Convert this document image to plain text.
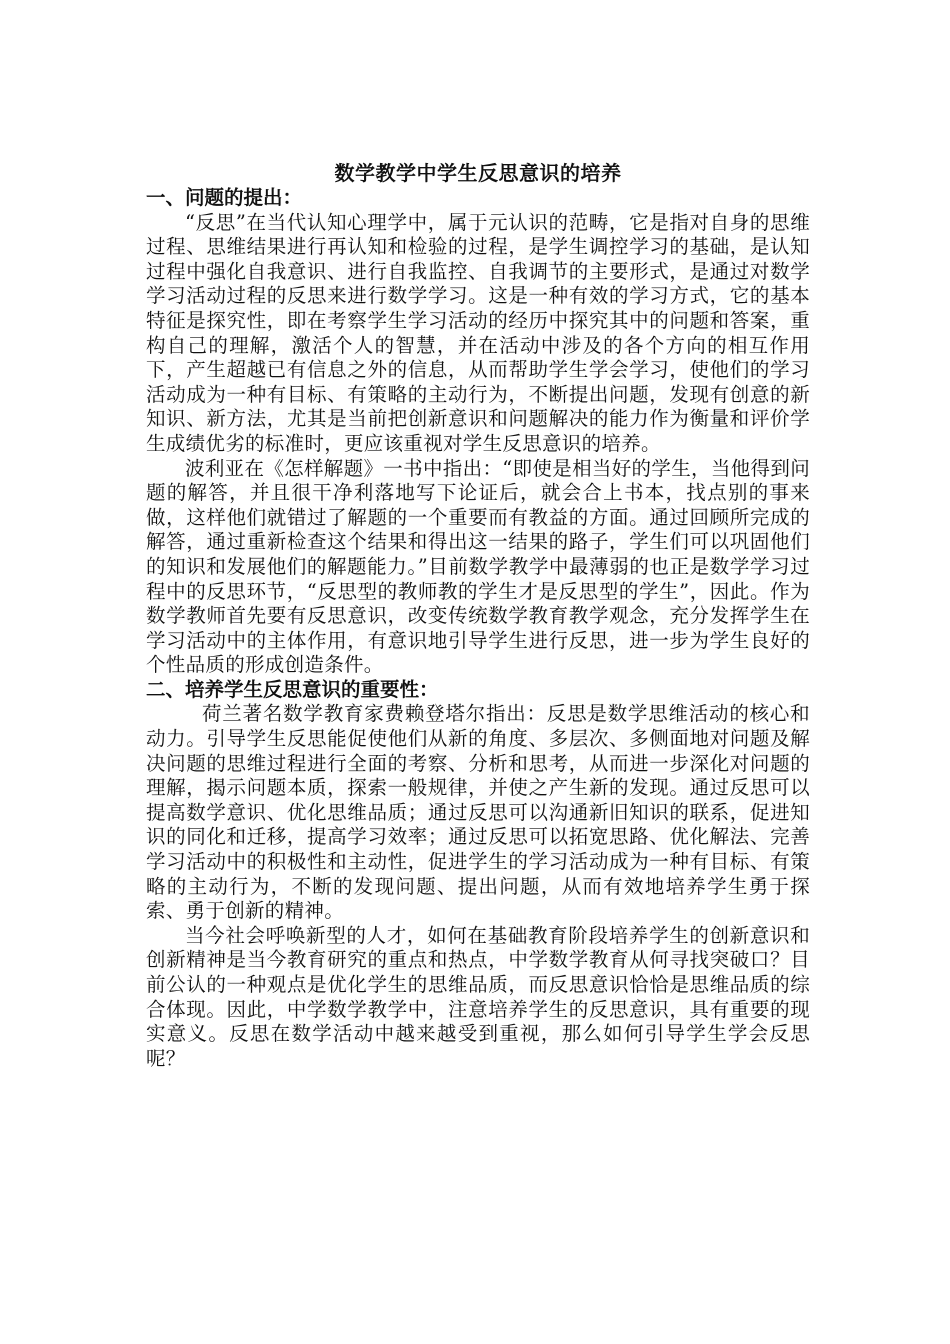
数学教学中学生反思意识的培养
一、问题的提出：

“反思”在当代认知心理学中，属于元认识的范畴，它是指对自身的思维过程、思维结果进行再认知和检验的过程，是学生调控学习的基础，是认知过程中强化自我意识、进行自我监控、自我调节的主要形式，是通过对数学学习活动过程的反思来进行数学学习。这是一种有效的学习方式，它的基本特征是探究性，即在考察学生学习活动的经历中探究其中的问题和答案，重构自己的理解，激活个人的智慧，并在活动中涉及的各个方向的相互作用下，产生超越已有信息之外的信息，从而帮助学生学会学习，使他们的学习活动成为一种有目标、有策略的主动行为，不断提出问题，发现有创意的新知识、新方法，尤其是当前把创新意识和问题解决的能力作为衡量和评价学生成绩优劣的标准时，更应该重视对学生反思意识的培养。

波利亚在《怎样解题》一书中指出：“即使是相当好的学生，当他得到问题的解答，并且很干净利落地写下论证后，就会合上书本，找点别的事来做，这样他们就错过了解题的一个重要而有教益的方面。通过回顾所完成的解答，通过重新检查这个结果和得出这一结果的路子，学生们可以巩固他们的知识和发展他们的解题能力。”目前数学教学中最薄弱的也正是数学学习过程中的反思环节，“反思型的教师教的学生才是反思型的学生”，因此。作为数学教师首先要有反思意识，改变传统数学教育教学观念，充分发挥学生在学习活动中的主体作用，有意识地引导学生进行反思，进一步为学生良好的个性品质的形成创造条件。

二、培养学生反思意识的重要性：

荷兰著名数学教育家费赖登塔尔指出：反思是数学思维活动的核心和动力。引导学生反思能促使他们从新的角度、多层次、多侧面地对问题及解决问题的思维过程进行全面的考察、分析和思考，从而进一步深化对问题的理解，揭示问题本质，探索一般规律，并使之产生新的发现。通过反思可以提高数学意识、优化思维品质；通过反思可以沟通新旧知识的联系，促进知识的同化和迁移，提高学习效率；通过反思可以拓宽思路、优化解法、完善学习活动中的积极性和主动性，促进学生的学习活动成为一种有目标、有策略的主动行为，不断的发现问题、提出问题，从而有效地培养学生勇于探索、勇于创新的精神。

当今社会呼唤新型的人才，如何在基础教育阶段培养学生的创新意识和创新精神是当今教育研究的重点和热点，中学数学教育从何寻找突破口？目前公认的一种观点是优化学生的思维品质，而反思意识恰恰是思维品质的综合体现。因此，中学数学教学中，注意培养学生的反思意识，具有重要的现实意义。反思在数学活动中越来越受到重视，那么如何引导学生学会反思呢？
